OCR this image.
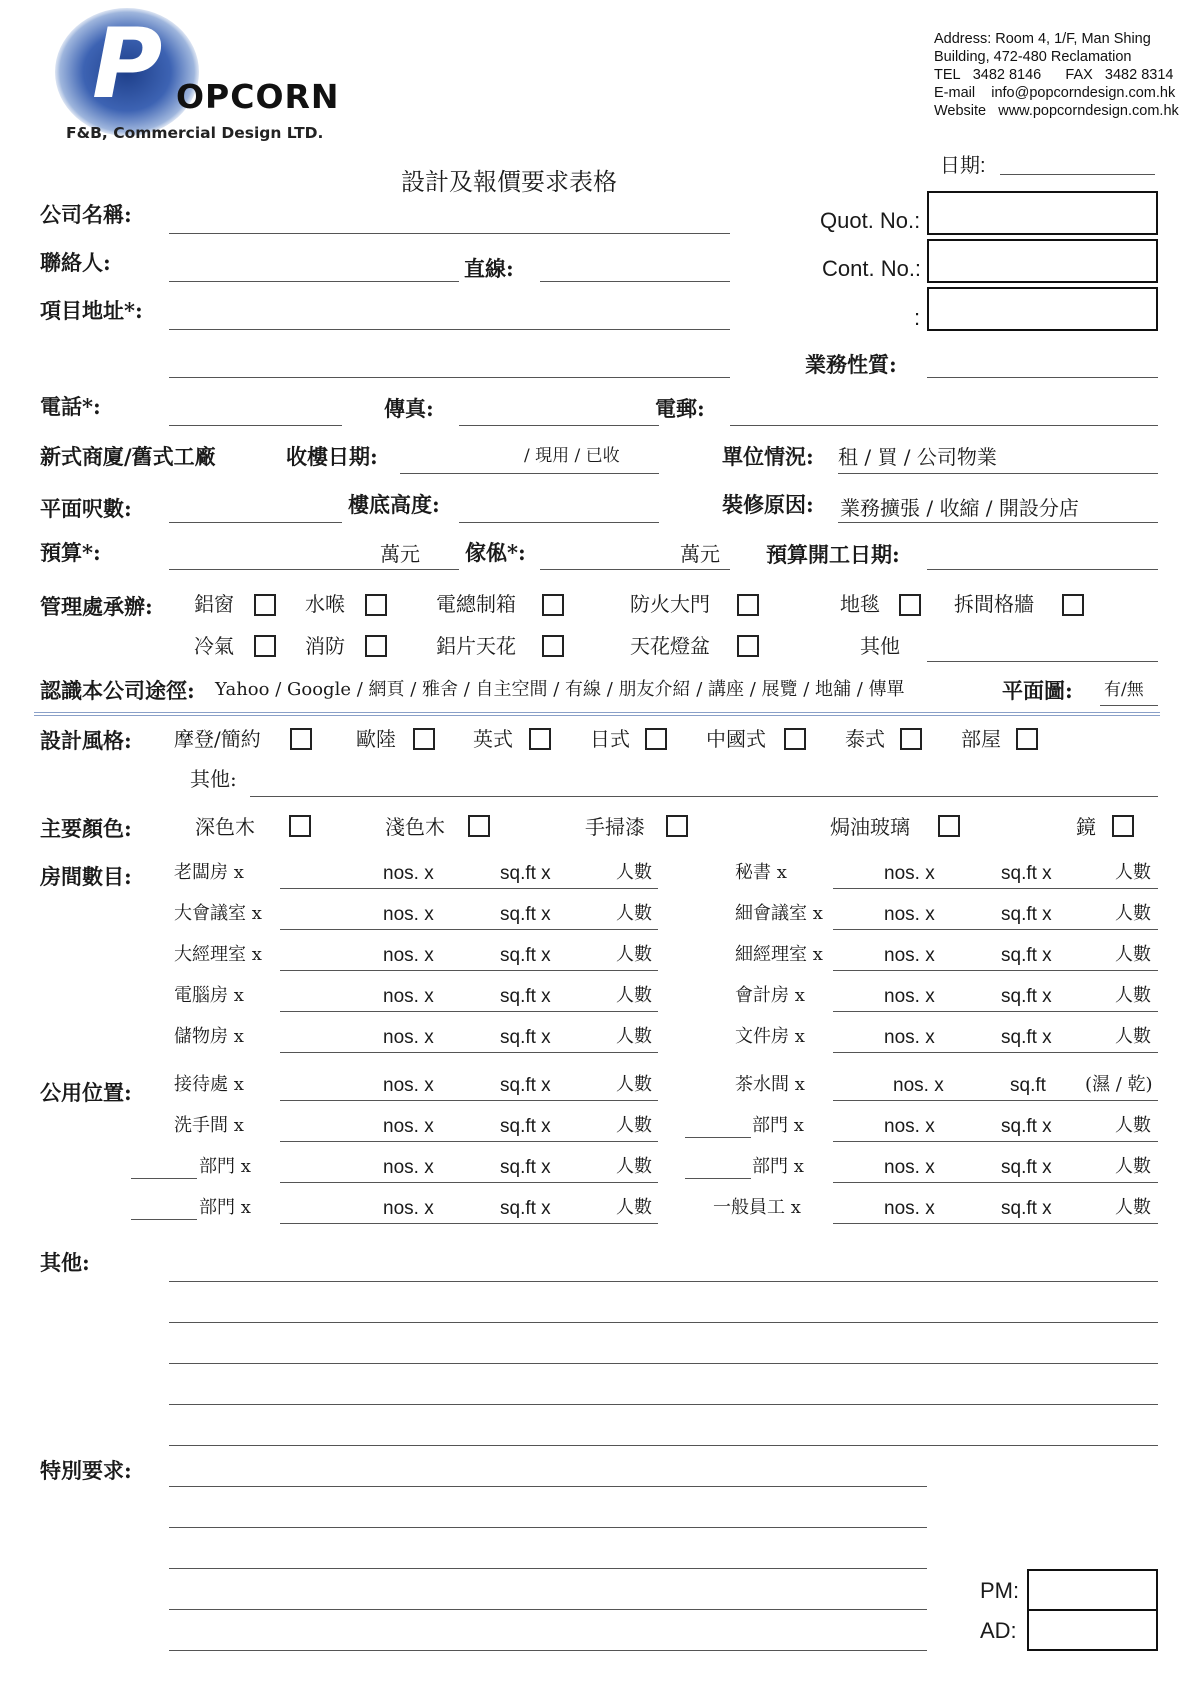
P OPCORN
F&B, Commercial Design LTD.
Address: Room 4, 1/F, Man Shing
Building, 472-480 Reclamation
TEL 3482 8146 FAX 3482 8314
E-mail info@popcorndesign.com.hk
Website www.popcorndesign.com.hk
設計及報價要求表格
日期:
Quot. No.:
Cont. No.:
:
公司名稱:
聯絡人:	直線:
項目地址*:
業務性質:
電話*:	傳真:	電郵:
新式商廈/舊式工廠	收樓日期:	/ 現用 / 已收	單位情況: 租 / 買 / 公司物業
平面呎數:	樓底高度:	裝修原因: 業務擴張 / 收縮 / 開設分店
預算*:	萬元 傢俬*:	萬元 預算開工日期:
管理處承辦: 鋁窗	水喉	電總制箱	防火大門	地毯	拆間格牆
冷氣	消防	鋁片天花	天花燈盆	其他
認識本公司途徑: Yahoo / Google / 網頁 / 雅舍 / 自主空間 / 有線 / 朋友介紹 / 講座 / 展覽 / 地舖 / 傳單	平面圖: 有/無
設計風格: 摩登/簡約	歐陸	英式	日式	中國式	泰式	部屋
其他:
主要顏色:	深色木	淺色木	手掃漆	焗油玻璃	鏡
房間數目: 老闆房 x	nos. x	sq.ft x	人數	秘書 x	nos. x	sq.ft x	人數
大會議室 x	nos. x	sq.ft x	人數	細會議室 x	nos. x	sq.ft x	人數
大經理室 x	nos. x	sq.ft x	人數	細經理室 x	nos. x	sq.ft x	人數
電腦房 x	nos. x	sq.ft x	人數	會計房 x	nos. x	sq.ft x	人數
儲物房 x	nos. x	sq.ft x	人數	文件房 x	nos. x	sq.ft x	人數
公用位置: 接待處 x	nos. x	sq.ft x	人數	茶水間 x	nos. x	sq.ft (濕 / 乾)
洗手間 x	nos. x	sq.ft x	人數	部門 x	nos. x	sq.ft x	人數
部門 x	nos. x	sq.ft x	人數	部門 x	nos. x	sq.ft x	人數
部門 x	nos. x	sq.ft x	人數	一般員工 x	nos. x	sq.ft x	人數
其他:
特別要求:
PM:
AD:
